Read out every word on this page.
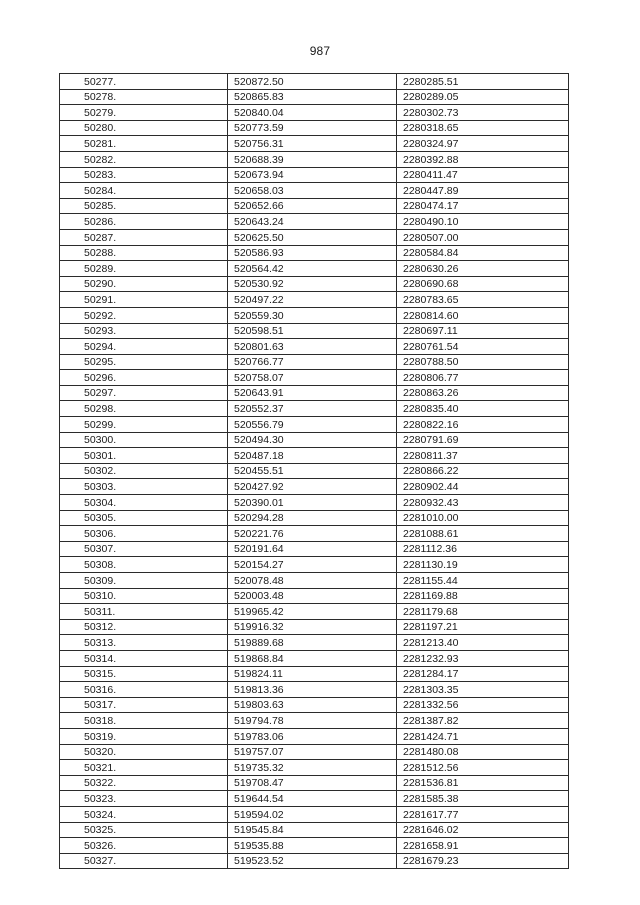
987
50277.	520872.50	2280285.51
50278.	520865.83	2280289.05
50279.	520840.04	2280302.73
50280.	520773.59	2280318.65
50281.	520756.31	2280324.97
50282.	520688.39	2280392.88
50283.	520673.94	2280411.47
50284.	520658.03	2280447.89
50285.	520652.66	2280474.17
50286.	520643.24	2280490.10
50287.	520625.50	2280507.00
50288.	520586.93	2280584.84
50289.	520564.42	2280630.26
50290.	520530.92	2280690.68
50291.	520497.22	2280783.65
50292.	520559.30	2280814.60
50293.	520598.51	2280697.11
50294.	520801.63	2280761.54
50295.	520766.77	2280788.50
50296.	520758.07	2280806.77
50297.	520643.91	2280863.26
50298.	520552.37	2280835.40
50299.	520556.79	2280822.16
50300.	520494.30	2280791.69
50301.	520487.18	2280811.37
50302.	520455.51	2280866.22
50303.	520427.92	2280902.44
50304.	520390.01	2280932.43
50305.	520294.28	2281010.00
50306.	520221.76	2281088.61
50307.	520191.64	2281112.36
50308.	520154.27	2281130.19
50309.	520078.48	2281155.44
50310.	520003.48	2281169.88
50311.	519965.42	2281179.68
50312.	519916.32	2281197.21
50313.	519889.68	2281213.40
50314.	519868.84	2281232.93
50315.	519824.11	2281284.17
50316.	519813.36	2281303.35
50317.	519803.63	2281332.56
50318.	519794.78	2281387.82
50319.	519783.06	2281424.71
50320.	519757.07	2281480.08
50321.	519735.32	2281512.56
50322.	519708.47	2281536.81
50323.	519644.54	2281585.38
50324.	519594.02	2281617.77
50325.	519545.84	2281646.02
50326.	519535.88	2281658.91
50327.	519523.52	2281679.23
